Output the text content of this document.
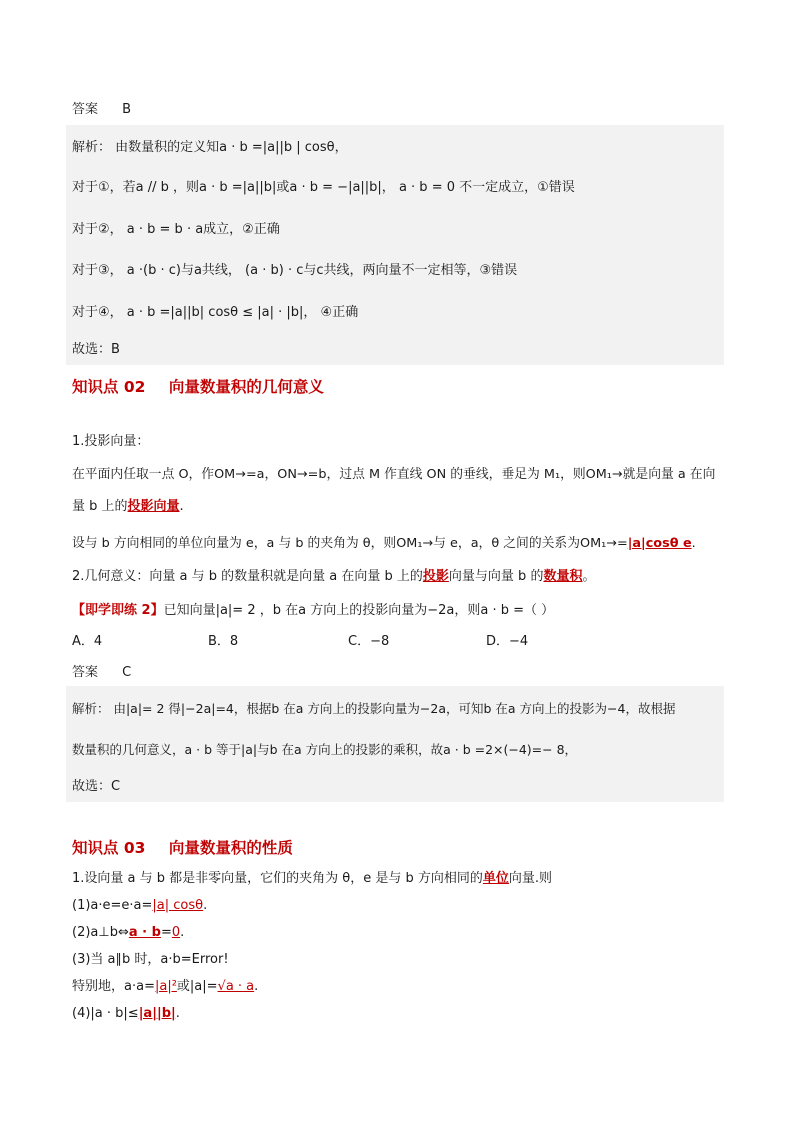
答案 B
解析： 由数量积的定义知a · b =|a||b | cosθ，
对于①，若a // b ，则a · b =|a||b|或a · b = −|a||b|， a · b = 0 不一定成立，①错误
对于②， a · b = b · a成立，②正确
对于③， a ·(b · c)与a共线， (a · b) · c与c共线，两向量不一定相等，③错误
对于④， a · b =|a||b| cosθ ≤ |a| · |b|， ④正确
故选：B
知识点 02 向量数量积的几何意义
1.投影向量：
在平面内任取一点 O，作OM→=a，ON→=b，过点 M 作直线 ON 的垂线，垂足为 M₁，则OM₁→就是向量 a 在向
量 b 上的投影向量.
设与 b 方向相同的单位向量为 e，a 与 b 的夹角为 θ，则OM₁→与 e，a，θ 之间的关系为OM₁→=|a|cosθ e.
2.几何意义：向量 a 与 b 的数量积就是向量 a 在向量 b 上的投影向量与向量 b 的数量积。
【即学即练 2】已知向量|a|= 2 ，b 在a 方向上的投影向量为−2a，则a · b =（ ）
A．4	B．8	C．−8	D．−4
答案 C
解析： 由|a|= 2 得|−2a|=4，根据b 在a 方向上的投影向量为−2a，可知b 在a 方向上的投影为−4，故根据
数量积的几何意义，a · b 等于|a|与b 在a 方向上的投影的乘积，故a · b =2×(−4)=− 8，
故选：C
知识点 03 向量数量积的性质
1.设向量 a 与 b 都是非零向量，它们的夹角为 θ，e 是与 b 方向相同的单位向量.则
(1)a·e=e·a=|a| cosθ.
(2)a⊥b⇔a · b=0.
(3)当 a∥b 时，a·b=Error!
特别地，a·a=|a|²或|a|=√a · a.
(4)|a · b|≤|a||b|.
